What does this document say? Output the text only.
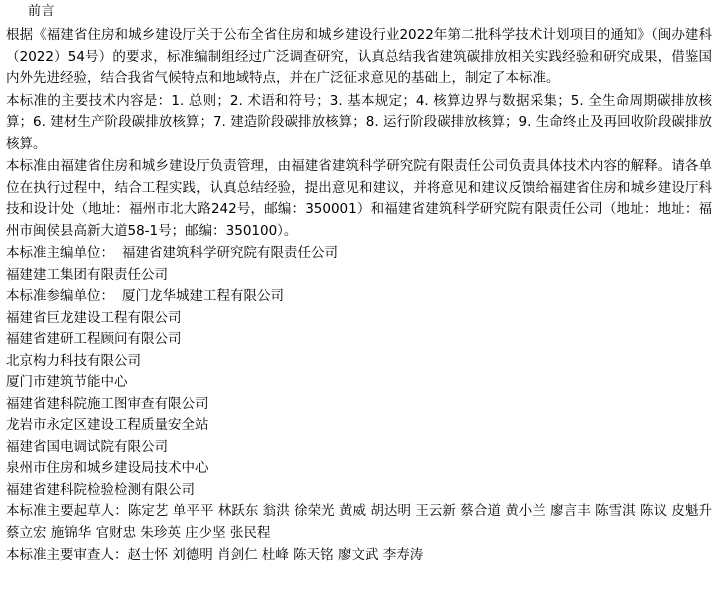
前言
根据《福建省住房和城乡建设厅关于公布全省住房和城乡建设行业2022年第二批科学技术计划项目的通知》（闽办建科（2022）54号）的要求，标准编制组经过广泛调查研究，认真总结我省建筑碳排放相关实践经验和研究成果，借鉴国内外先进经验，结合我省气候特点和地域特点，并在广泛征求意见的基础上，制定了本标准。
本标准的主要技术内容是：1. 总则；2. 术语和符号；3. 基本规定；4. 核算边界与数据采集；5. 全生命周期碳排放核算；6. 建材生产阶段碳排放核算；7. 建造阶段碳排放核算；8. 运行阶段碳排放核算；9. 生命终止及再回收阶段碳排放核算。
本标准由福建省住房和城乡建设厅负责管理，由福建省建筑科学研究院有限责任公司负责具体技术内容的解释。请各单位在执行过程中，结合工程实践，认真总结经验，提出意见和建议，并将意见和建议反馈给福建省住房和城乡建设厅科技和设计处（地址：福州市北大路242号，邮编：350001）和福建省建筑科学研究院有限责任公司（地址：地址：福州市闽侯县高新大道58-1号；邮编：350100）。
本标准主编单位： 福建省建筑科学研究院有限责任公司
福建建工集团有限责任公司
本标准参编单位： 厦门龙华城建工程有限公司
福建省巨龙建设工程有限公司
福建省建研工程顾问有限公司
北京构力科技有限公司
厦门市建筑节能中心
福建省建科院施工图审查有限公司
龙岩市永定区建设工程质量安全站
福建省国电调试院有限公司
泉州市住房和城乡建设局技术中心
福建省建科院检验检测有限公司
本标准主要起草人：陈定艺 单平平 林跃东 翁洪 徐荣光 黄威 胡达明 王云新 蔡合道 黄小兰 廖言丰 陈雪淇 陈议 皮魁升 蔡立宏 施锦华 官财忠 朱珍英 庄少坚 张民程
本标准主要审查人：赵士怀 刘德明 肖剑仁 杜峰 陈天铭 廖文武 李寿涛
